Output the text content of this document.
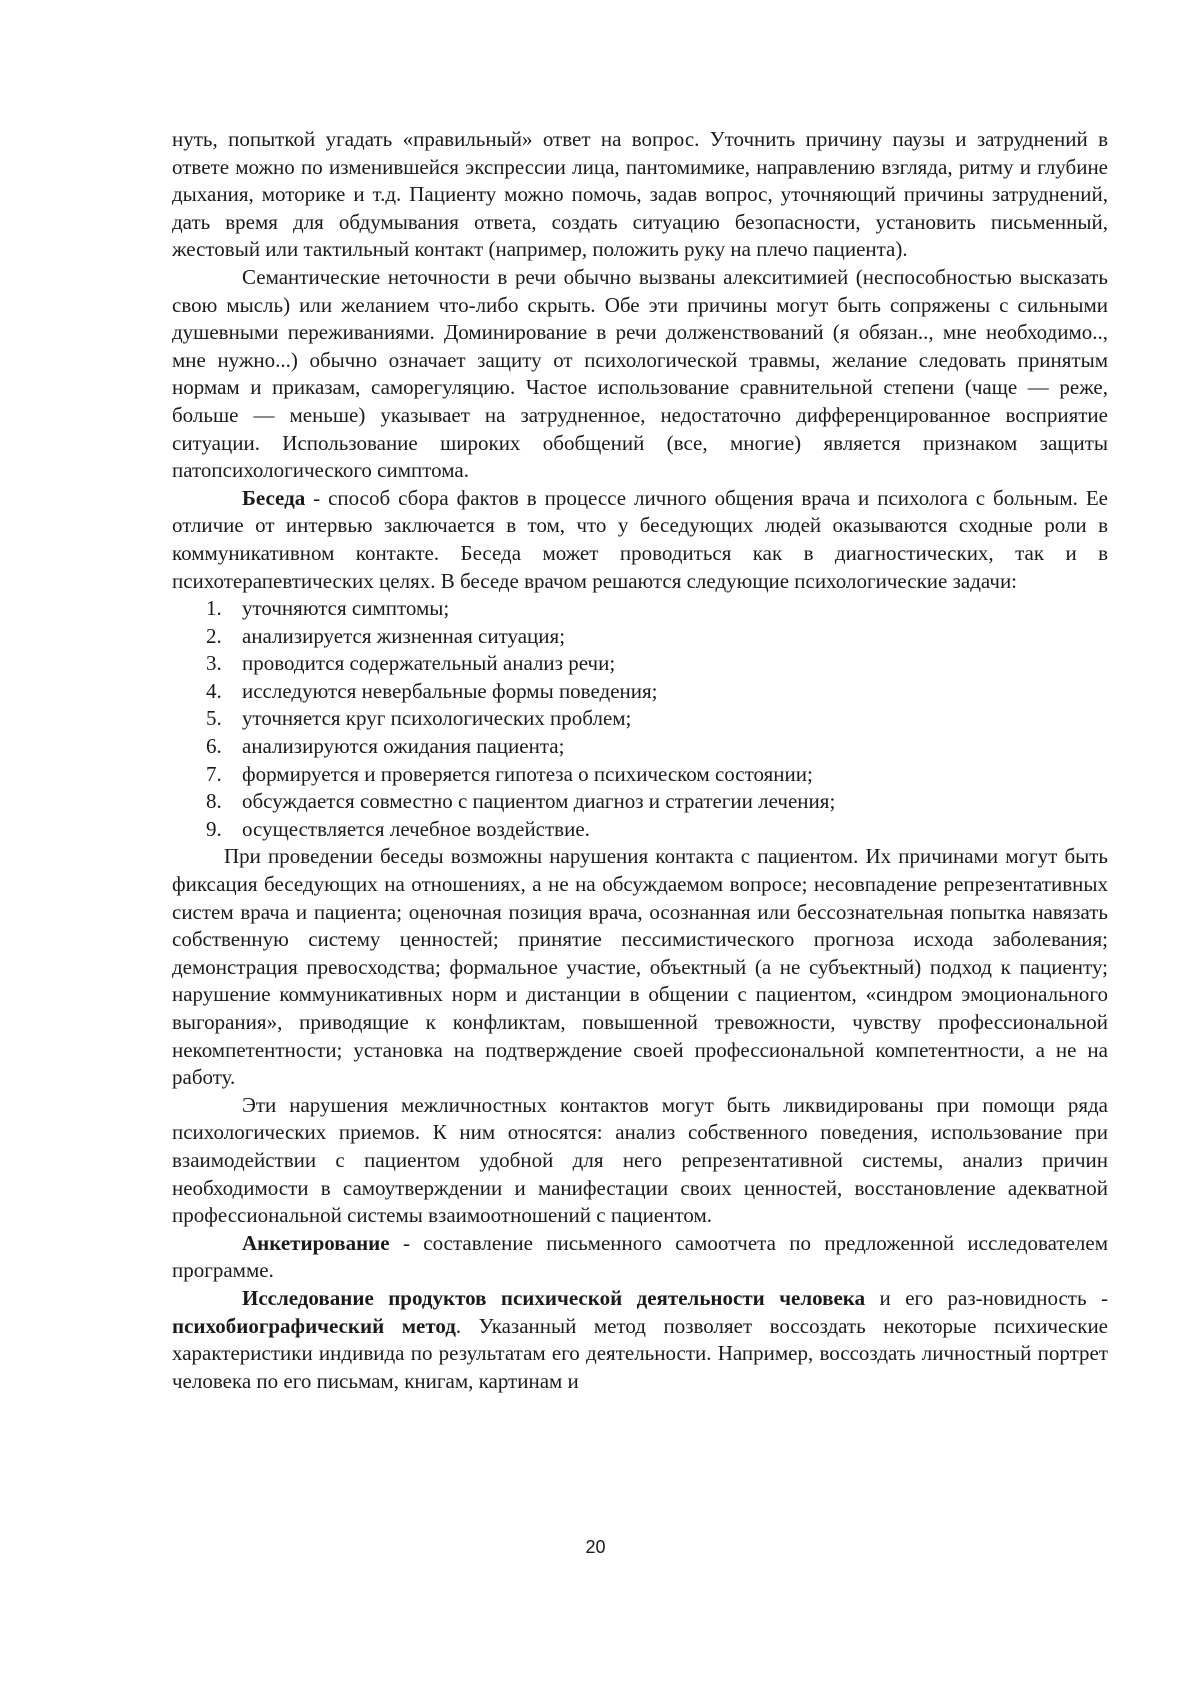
нуть, попыткой угадать «правильный» ответ на вопрос. Уточнить причину паузы и затруднений в ответе можно по изменившейся экспрессии лица, пантомимике, направлению взгляда, ритму и глубине дыхания, моторике и т.д. Пациенту можно помочь, задав вопрос, уточняющий причины затруднений, дать время для обдумывания ответа, создать ситуацию безопасности, установить письменный, жестовый или тактильный контакт (например, положить руку на плечо пациента).

Семантические неточности в речи обычно вызваны алекситимией (неспособностью высказать свою мысль) или желанием что-либо скрыть. Обе эти причины могут быть сопряжены с сильными душевными переживаниями. Доминирование в речи долженствований (я обязан.., мне необходимо.., мне нужно...) обычно означает защиту от психологической травмы, желание следовать принятым нормам и приказам, саморегуляцию. Частое использование сравнительной степени (чаще — реже, больше — меньше) указывает на затрудненное, недостаточно дифференцированное восприятие ситуации. Использование широких обобщений (все, многие) является признаком защиты патопсихологического симптома.

Беседа - способ сбора фактов в процессе личного общения врача и психолога с больным. Ее отличие от интервью заключается в том, что у беседующих людей оказываются сходные роли в коммуникативном контакте. Беседа может проводиться как в диагностических, так и в психотерапевтических целях. В беседе врачом решаются следующие психологические задачи:

1. уточняются симптомы;
2. анализируется жизненная ситуация;
3. проводится содержательный анализ речи;
4. исследуются невербальные формы поведения;
5. уточняется круг психологических проблем;
6. анализируются ожидания пациента;
7. формируется и проверяется гипотеза о психическом состоянии;
8. обсуждается совместно с пациентом диагноз и стратегии лечения;
9. осуществляется лечебное воздействие.

При проведении беседы возможны нарушения контакта с пациентом. Их причинами могут быть фиксация беседующих на отношениях, а не на обсуждаемом вопросе; несовпадение репрезентативных систем врача и пациента; оценочная позиция врача, осознанная или бессознательная попытка навязать собственную систему ценностей; принятие пессимистического прогноза исхода заболевания; демонстрация превосходства; формальное участие, объектный (а не субъектный) подход к пациенту; нарушение коммуникативных норм и дистанции в общении с пациентом, «синдром эмоционального выгорания», приводящие к конфликтам, повышенной тревожности, чувству профессиональной некомпетентности; установка на подтверждение своей профессиональной компетентности, а не на работу.

Эти нарушения межличностных контактов могут быть ликвидированы при помощи ряда психологических приемов. К ним относятся: анализ собственного поведения, использование при взаимодействии с пациентом удобной для него репрезентативной системы, анализ причин необходимости в самоутверждении и манифестации своих ценностей, восстановление адекватной профессиональной системы взаимоотношений с пациентом.

Анкетирование - составление письменного самоотчета по предложенной исследователем программе.

Исследование продуктов психической деятельности человека и его раз-новидность - психобиографический метод. Указанный метод позволяет воссоздать некоторые психические характеристики индивида по результатам его деятельности. Например, воссоздать личностный портрет человека по его письмам, книгам, картинам и

20
